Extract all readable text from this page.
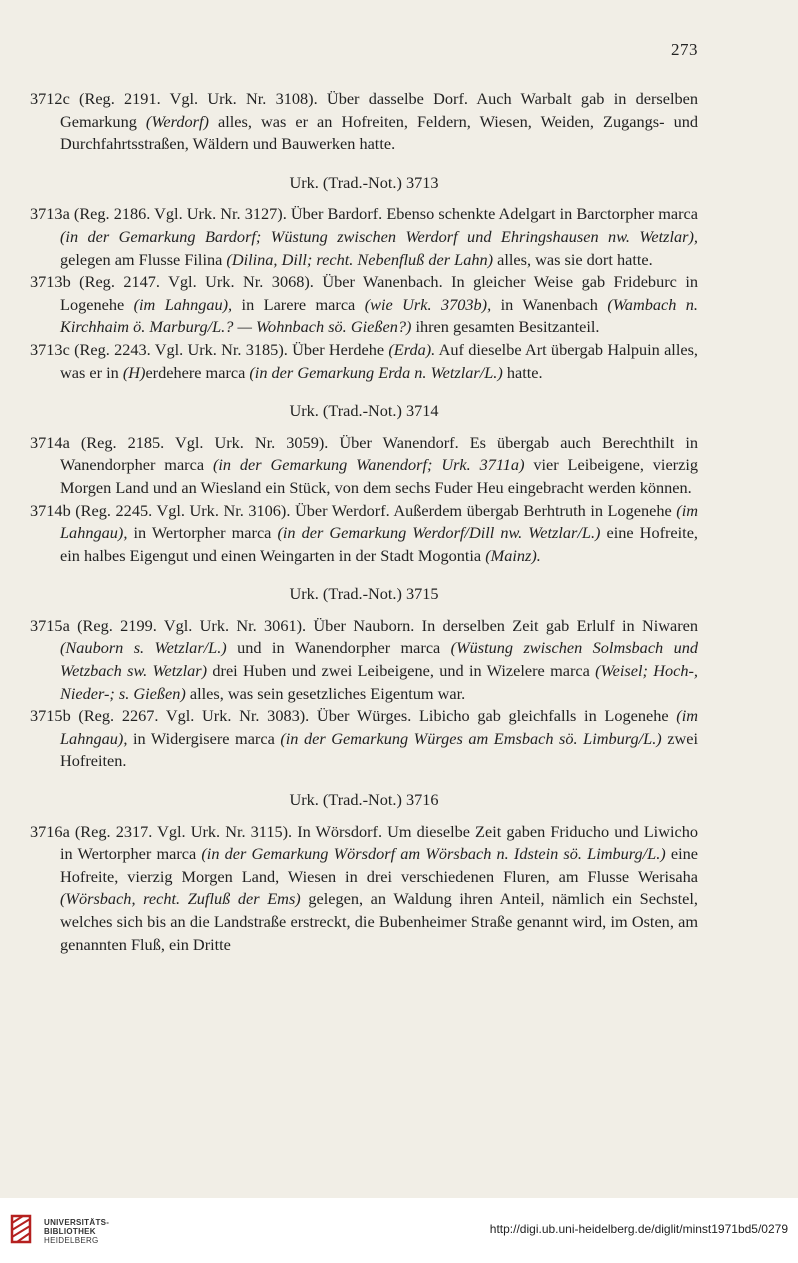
273

3712c (Reg. 2191. Vgl. Urk. Nr. 3108). Über dasselbe Dorf. Auch Warbalt gab in derselben Gemarkung (Werdorf) alles, was er an Hofreiten, Feldern, Wiesen, Weiden, Zugangs- und Durchfahrtsstraßen, Wäldern und Bauwerken hatte.

Urk. (Trad.-Not.) 3713

3713a (Reg. 2186. Vgl. Urk. Nr. 3127). Über Bardorf. Ebenso schenkte Adelgart in Barctorpher marca (in der Gemarkung Bardorf; Wüstung zwischen Werdorf und Ehringshausen nw. Wetzlar), gelegen am Flusse Filina (Dilina, Dill; recht. Nebenfluß der Lahn) alles, was sie dort hatte.

3713b (Reg. 2147. Vgl. Urk. Nr. 3068). Über Wanenbach. In gleicher Weise gab Frideburc in Logenehe (im Lahngau), in Larere marca (wie Urk. 3703b), in Wanenbach (Wambach n. Kirchhaim ö. Marburg/L.? — Wohnbach sö. Gießen?) ihren gesamten Besitzanteil.

3713c (Reg. 2243. Vgl. Urk. Nr. 3185). Über Herdehe (Erda). Auf dieselbe Art übergab Halpuin alles, was er in (H)erdehere marca (in der Gemarkung Erda n. Wetzlar/L.) hatte.

Urk. (Trad.-Not.) 3714

3714a (Reg. 2185. Vgl. Urk. Nr. 3059). Über Wanendorf. Es übergab auch Berechthilt in Wanendorpher marca (in der Gemarkung Wanendorf; Urk. 3711a) vier Leibeigene, vierzig Morgen Land und an Wiesland ein Stück, von dem sechs Fuder Heu eingebracht werden können.

3714b (Reg. 2245. Vgl. Urk. Nr. 3106). Über Werdorf. Außerdem übergab Berhtruth in Logenehe (im Lahngau), in Wertorpher marca (in der Gemarkung Werdorf/Dill nw. Wetzlar/L.) eine Hofreite, ein halbes Eigengut und einen Weingarten in der Stadt Mogontia (Mainz).

Urk. (Trad.-Not.) 3715

3715a (Reg. 2199. Vgl. Urk. Nr. 3061). Über Nauborn. In derselben Zeit gab Erlulf in Niwaren (Nauborn s. Wetzlar/L.) und in Wanendorpher marca (Wüstung zwischen Solmsbach und Wetzbach sw. Wetzlar) drei Huben und zwei Leibeigene, und in Wizelere marca (Weisel; Hoch-, Nieder-; s. Gießen) alles, was sein gesetzliches Eigentum war.

3715b (Reg. 2267. Vgl. Urk. Nr. 3083). Über Würges. Libicho gab gleichfalls in Logenehe (im Lahngau), in Widergisere marca (in der Gemarkung Würges am Emsbach sö. Limburg/L.) zwei Hofreiten.

Urk. (Trad.-Not.) 3716

3716a (Reg. 2317. Vgl. Urk. Nr. 3115). In Wörsdorf. Um dieselbe Zeit gaben Friducho und Liwicho in Wertorpher marca (in der Gemarkung Wörsdorf am Wörsbach n. Idstein sö. Limburg/L.) eine Hofreite, vierzig Morgen Land, Wiesen in drei verschiedenen Fluren, am Flusse Werisaha (Wörsbach, recht. Zufluß der Ems) gelegen, an Waldung ihren Anteil, nämlich ein Sechstel, welches sich bis an die Landstraße erstreckt, die Bubenheimer Straße genannt wird, im Osten, am genannten Fluß, ein Dritte

UNIVERSITÄTS-
BIBLIOTHEK
HEIDELBERG
http://digi.ub.uni-heidelberg.de/diglit/minst1971bd5/0279
